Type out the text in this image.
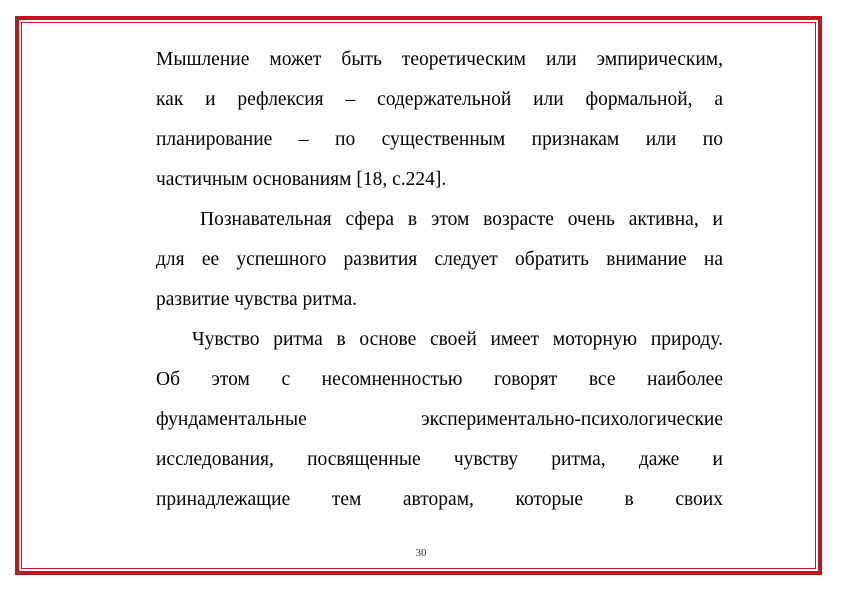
Мышление может быть теоретическим или эмпирическим,
как и рефлексия – содержательной или формальной, а
планирование – по существенным признакам или по
частичным основаниям [18, с.224].
Познавательная сфера в этом возрасте очень активна, и
для ее успешного развития следует обратить внимание на
развитие чувства ритма.
Чувство ритма в основе своей имеет моторную природу.
Об этом с несомненностью говорят все наиболее
фундаментальные экспериментально-психологические
исследования, посвященные чувству ритма, даже и
принадлежащие тем авторам, которые в своих
30
